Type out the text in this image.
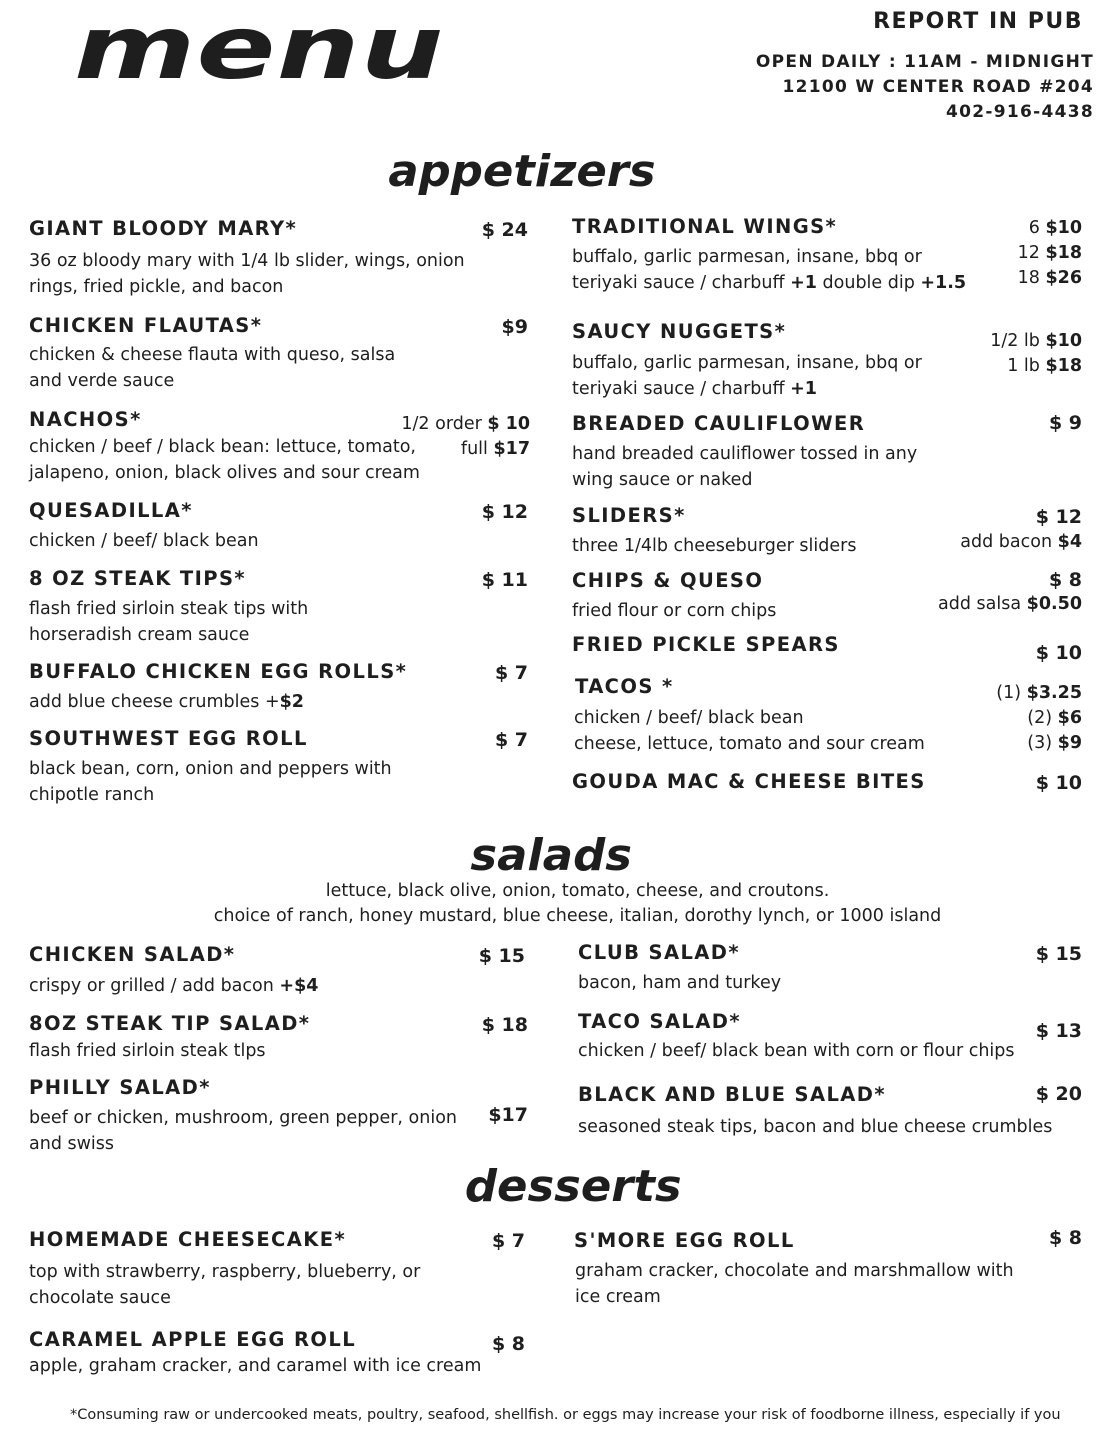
menu	REPORT IN PUB
OPEN DAILY : 11AM - MIDNIGHT
12100 W CENTER ROAD #204
402-916-4438
appetizers
GIANT BLOODY MARY*	$ 24
36 oz bloody mary with 1/4 lb slider, wings, onion
rings, fried pickle, and bacon
CHICKEN FLAUTAS*	$9
chicken & cheese flauta with queso, salsa
and verde sauce
NACHOS*	1/2 order $ 10
full $17
chicken / beef / black bean: lettuce, tomato,
jalapeno, onion, black olives and sour cream
QUESADILLA*	$ 12
chicken / beef/ black bean
8 OZ STEAK TIPS*	$ 11
flash fried sirloin steak tips with
horseradish cream sauce
BUFFALO CHICKEN EGG ROLLS*	$ 7
add blue cheese crumbles +$2
SOUTHWEST EGG ROLL	$ 7
black bean, corn, onion and peppers with
chipotle ranch
TRADITIONAL WINGS*	6 $10
12 $18
18 $26
buffalo, garlic parmesan, insane, bbq or
teriyaki sauce / charbuff +1 double dip +1.5
SAUCY NUGGETS*	1/2 lb $10
1 lb $18
buffalo, garlic parmesan, insane, bbq or
teriyaki sauce / charbuff +1
BREADED CAULIFLOWER	$ 9
hand breaded cauliflower tossed in any
wing sauce or naked
SLIDERS*	$ 12
three 1/4lb cheeseburger sliders	add bacon $4
CHIPS & QUESO	$ 8
fried flour or corn chips	add salsa $0.50
FRIED PICKLE SPEARS	$ 10
TACOS *	(1) $3.25
(2) $6
(3) $9
chicken / beef/ black bean
cheese, lettuce, tomato and sour cream
GOUDA MAC & CHEESE BITES	$ 10
salads
lettuce, black olive, onion, tomato, cheese, and croutons.
choice of ranch, honey mustard, blue cheese, italian, dorothy lynch, or 1000 island
CHICKEN SALAD*	$ 15
crispy or grilled / add bacon +$4
8OZ STEAK TIP SALAD*	$ 18
flash fried sirloin steak tlps
PHILLY SALAD*
$17
beef or chicken, mushroom, green pepper, onion
and swiss
CLUB SALAD*	$ 15
bacon, ham and turkey
TACO SALAD*	$ 13
chicken / beef/ black bean with corn or flour chips
BLACK AND BLUE SALAD*	$ 20
seasoned steak tips, bacon and blue cheese crumbles
desserts
HOMEMADE CHEESECAKE*	$ 7
top with strawberry, raspberry, blueberry, or
chocolate sauce
CARAMEL APPLE EGG ROLL	$ 8
apple, graham cracker, and caramel with ice cream
S'MORE EGG ROLL	$ 8
graham cracker, chocolate and marshmallow with
ice cream
*Consuming raw or undercooked meats, poultry, seafood, shellfish. or eggs may increase your risk of foodborne illness, especially if you
